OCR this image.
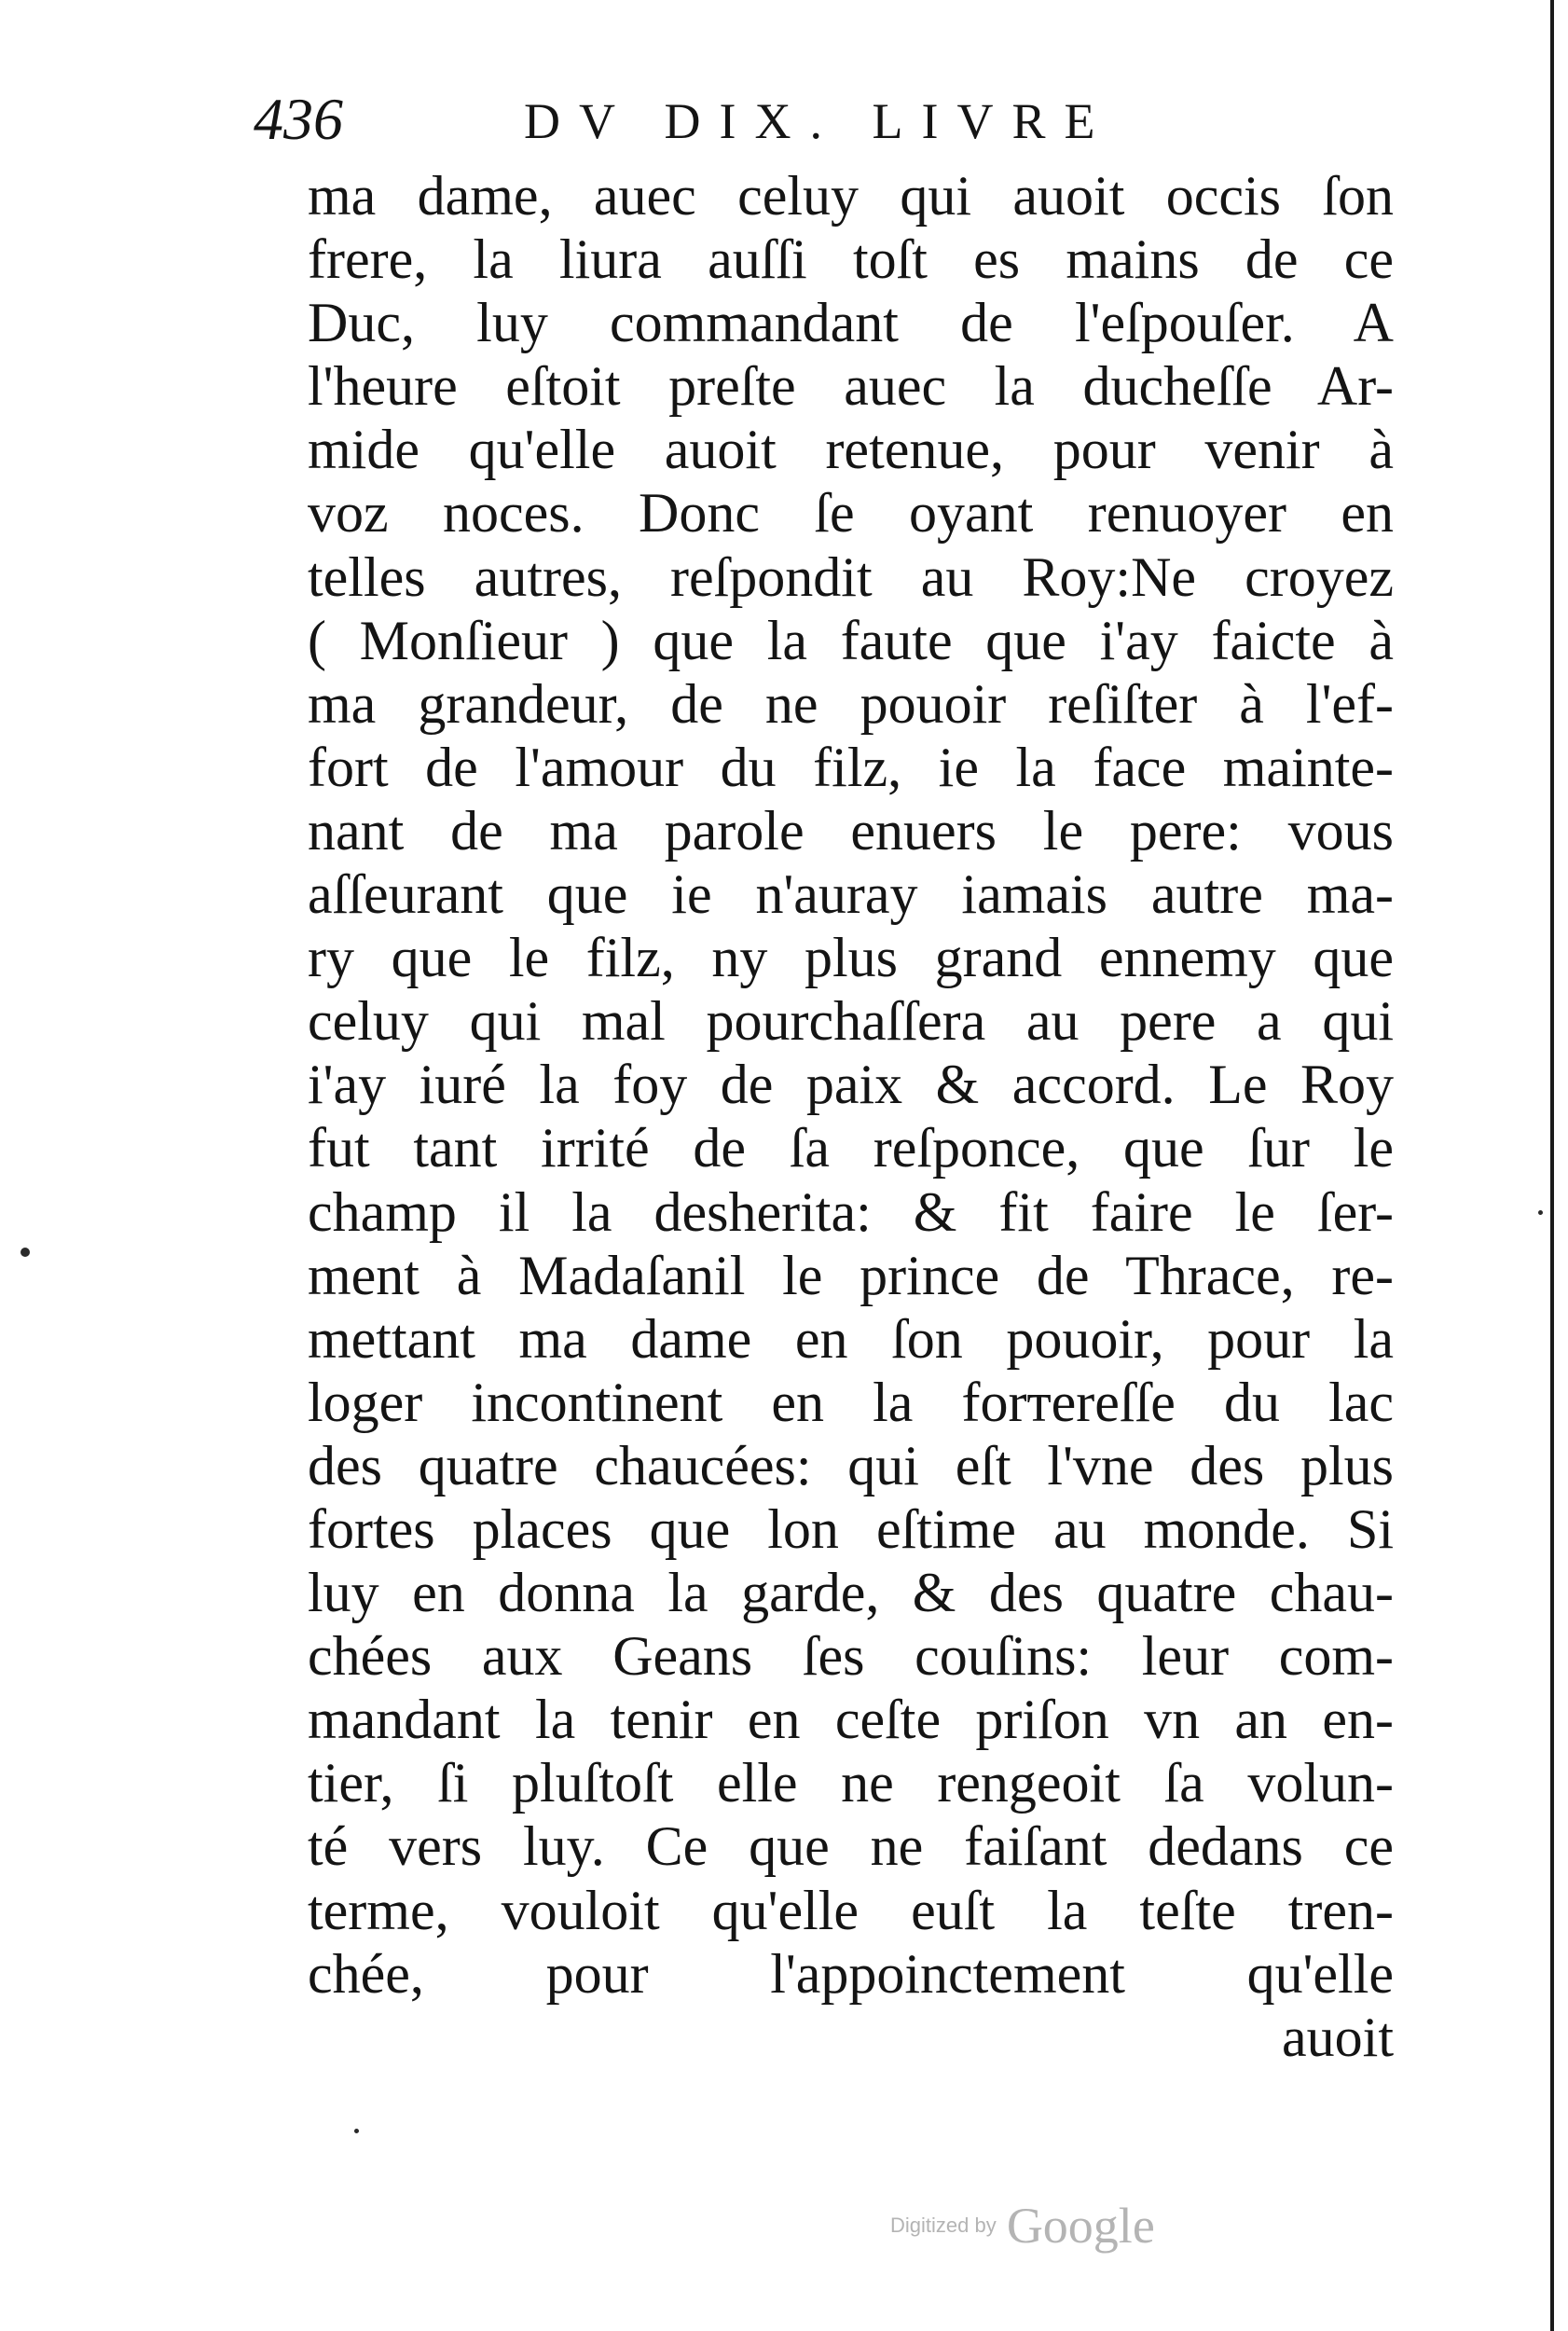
436	DV DIX. LIVRE
ma dame, auec celuy qui auoit occis ſon
frere, la liura auſſi toſt es mains de ce
Duc, luy commandant de l'eſpouſer. A
l'heure eſtoit preſte auec la ducheſſe Ar-
mide qu'elle auoit retenue, pour venir à
voz noces. Donc ſe oyant renuoyer en
telles autres, reſpondit au Roy:Ne croyez
( Monſieur ) que la faute que i'ay faicte à
ma grandeur, de ne pouoir reſiſter à l'ef-
fort de l'amour du filz, ie la face mainte-
nant de ma parole enuers le pere: vous
aſſeurant que ie n'auray iamais autre ma-
ry que le filz, ny plus grand ennemy que
celuy qui mal pourchaſſera au pere a qui
i'ay iuré la foy de paix & accord. Le Roy
fut tant irrité de ſa reſponce, que ſur le
champ il la desherita: & fit faire le ſer-
ment à Madaſanil le prince de Thrace, re-
mettant ma dame en ſon pouoir, pour la
loger incontinent en la forтereſſe du lac
des quatre chaucées: qui eſt l'vne des plus
fortes places que lon eſtime au monde. Si
luy en donna la garde, & des quatre chau-
chées aux Geans ſes couſins: leur com-
mandant la tenir en ceſte priſon vn an en-
tier, ſi pluſtoſt elle ne rengeoit ſa volun-
té vers luy. Ce que ne faiſant dedans ce
terme, vouloit qu'elle euſt la teſte tren-
chée, pour l'appoinctement qu'elle
auoit
Digitized by Google
